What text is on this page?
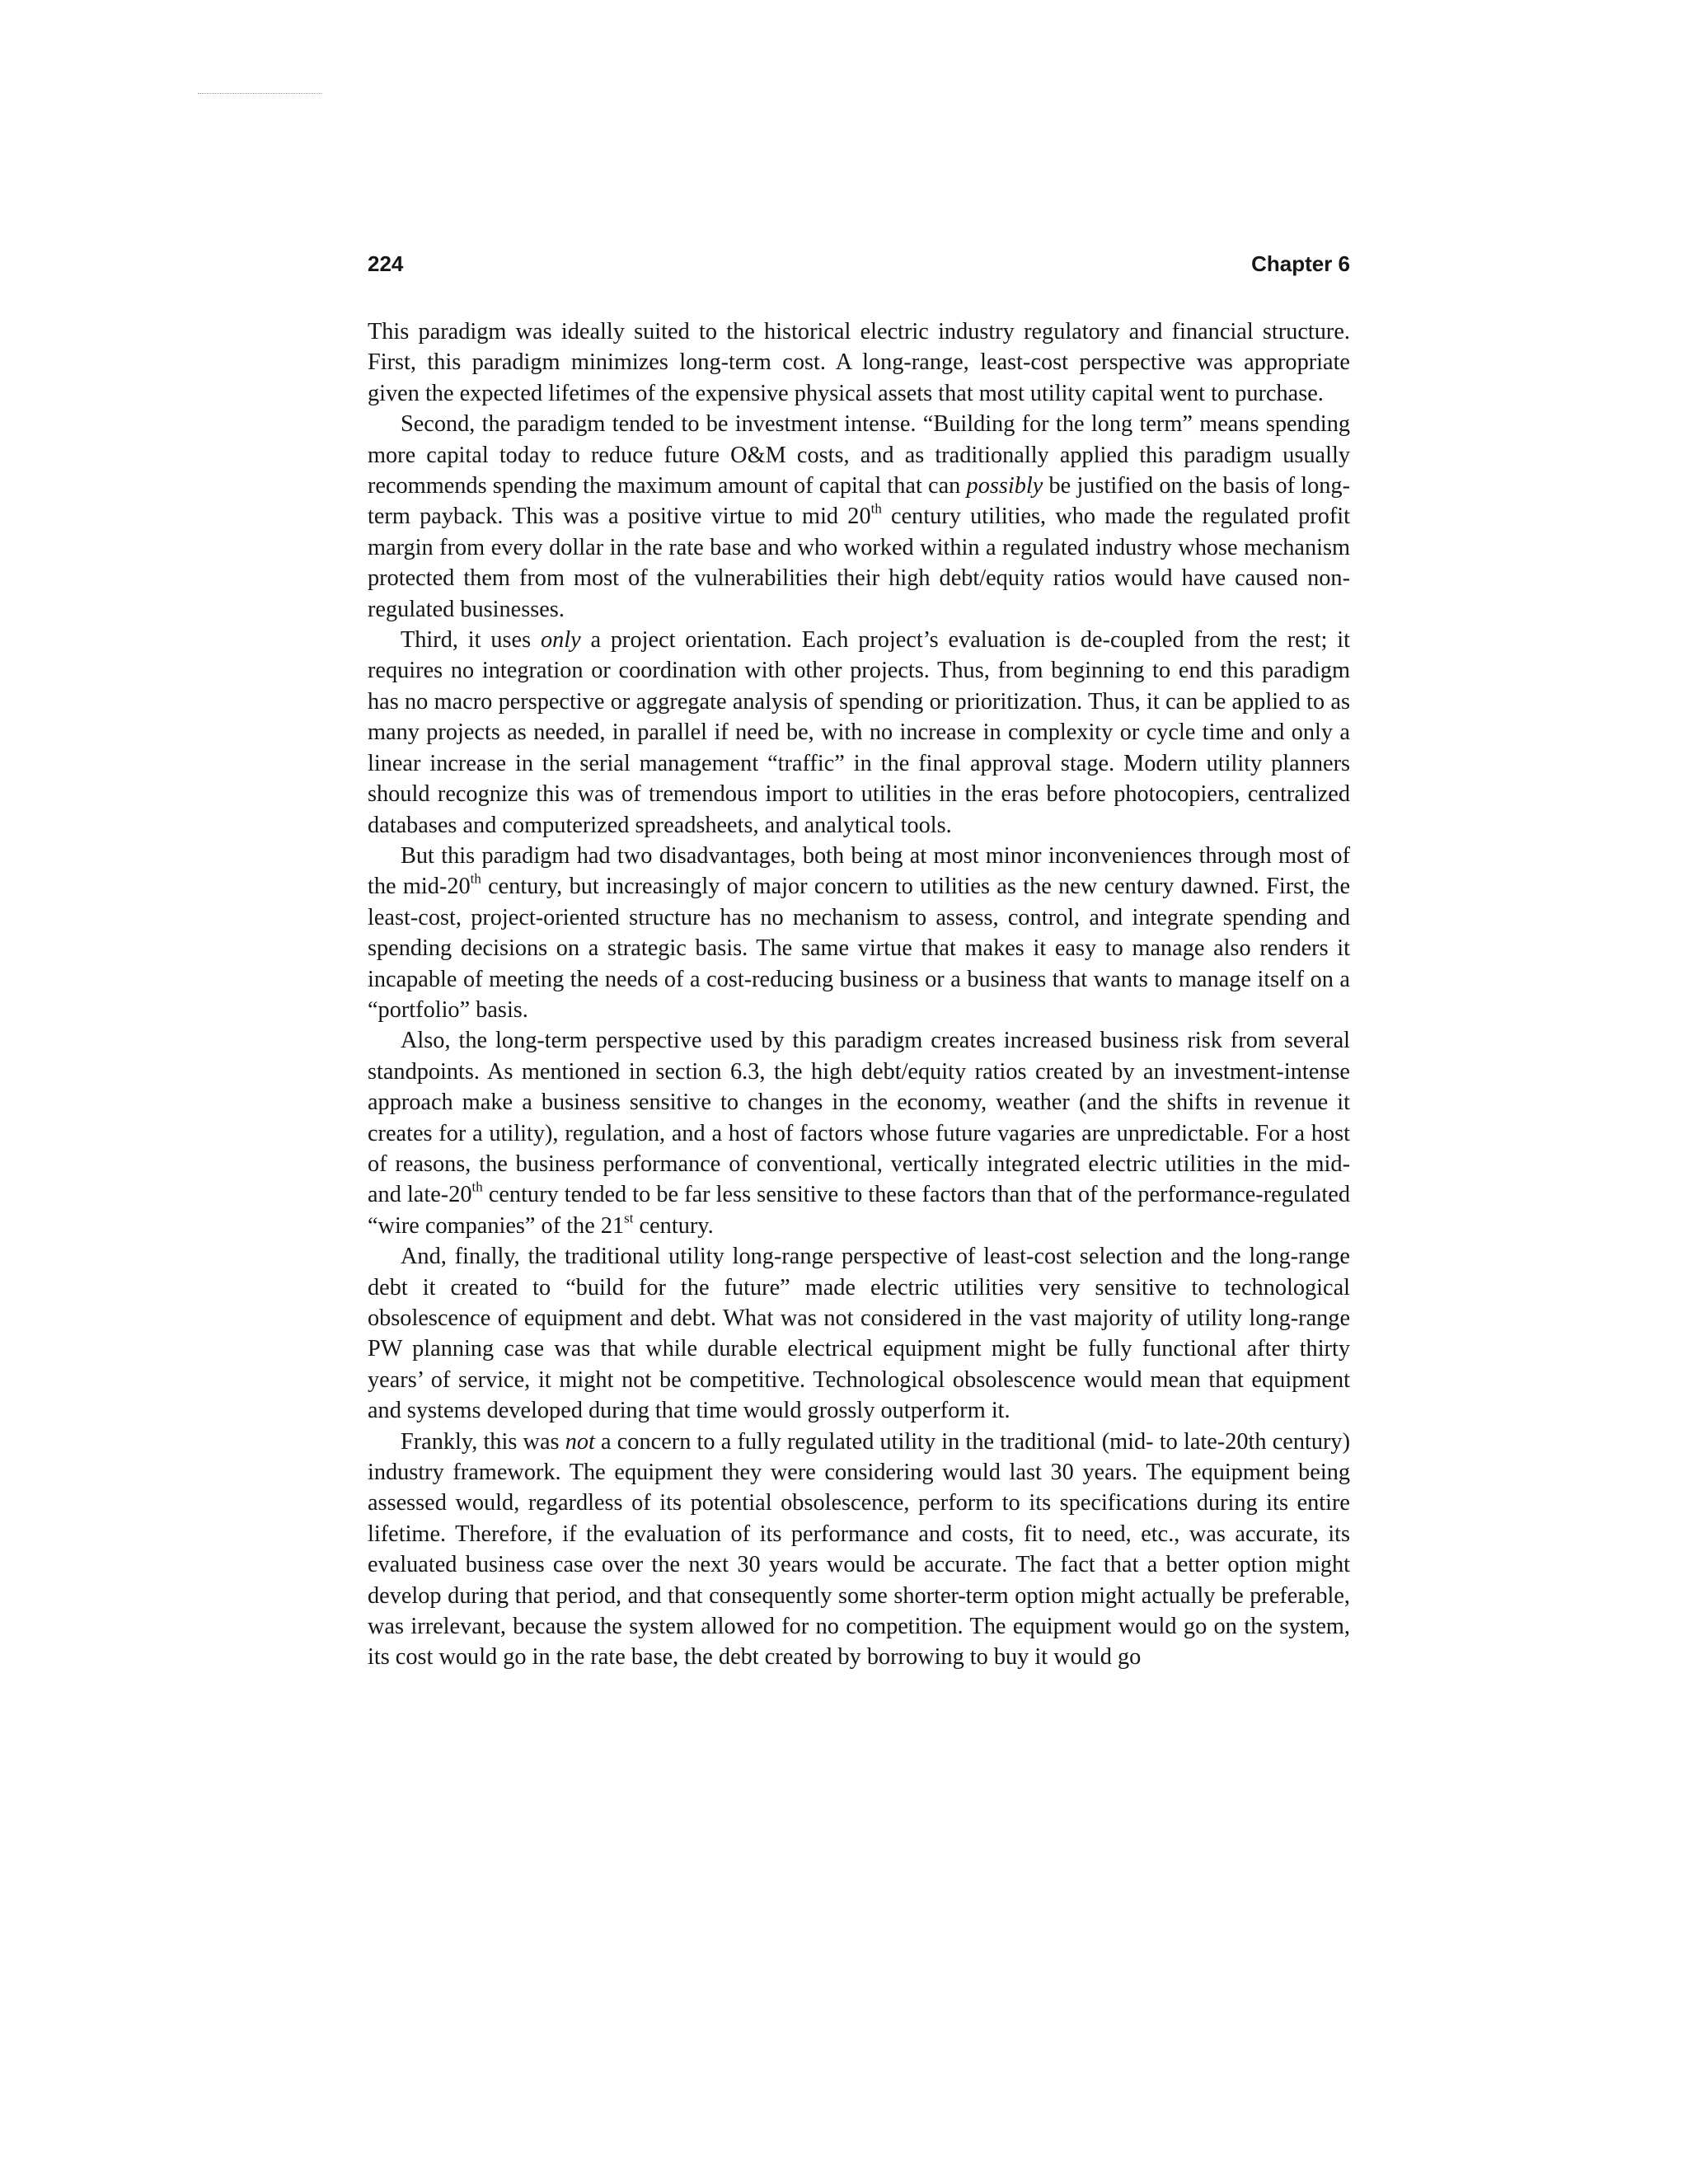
224	Chapter 6

This paradigm was ideally suited to the historical electric industry regulatory and financial structure. First, this paradigm minimizes long-term cost. A long-range, least-cost perspective was appropriate given the expected lifetimes of the expensive physical assets that most utility capital went to purchase.

Second, the paradigm tended to be investment intense. “Building for the long term” means spending more capital today to reduce future O&M costs, and as traditionally applied this paradigm usually recommends spending the maximum amount of capital that can possibly be justified on the basis of long-term payback. This was a positive virtue to mid 20th century utilities, who made the regulated profit margin from every dollar in the rate base and who worked within a regulated industry whose mechanism protected them from most of the vulnerabilities their high debt/equity ratios would have caused non-regulated businesses.

Third, it uses only a project orientation. Each project’s evaluation is de-coupled from the rest; it requires no integration or coordination with other projects. Thus, from beginning to end this paradigm has no macro perspective or aggregate analysis of spending or prioritization. Thus, it can be applied to as many projects as needed, in parallel if need be, with no increase in complexity or cycle time and only a linear increase in the serial management “traffic” in the final approval stage. Modern utility planners should recognize this was of tremendous import to utilities in the eras before photocopiers, centralized databases and computerized spreadsheets, and analytical tools.

But this paradigm had two disadvantages, both being at most minor inconveniences through most of the mid-20th century, but increasingly of major concern to utilities as the new century dawned. First, the least-cost, project-oriented structure has no mechanism to assess, control, and integrate spending and spending decisions on a strategic basis. The same virtue that makes it easy to manage also renders it incapable of meeting the needs of a cost-reducing business or a business that wants to manage itself on a “portfolio” basis.

Also, the long-term perspective used by this paradigm creates increased business risk from several standpoints. As mentioned in section 6.3, the high debt/equity ratios created by an investment-intense approach make a business sensitive to changes in the economy, weather (and the shifts in revenue it creates for a utility), regulation, and a host of factors whose future vagaries are unpredictable. For a host of reasons, the business performance of conventional, vertically integrated electric utilities in the mid- and late-20th century tended to be far less sensitive to these factors than that of the performance-regulated “wire companies” of the 21st century.

And, finally, the traditional utility long-range perspective of least-cost selection and the long-range debt it created to “build for the future” made electric utilities very sensitive to technological obsolescence of equipment and debt. What was not considered in the vast majority of utility long-range PW planning case was that while durable electrical equipment might be fully functional after thirty years’ of service, it might not be competitive. Technological obsolescence would mean that equipment and systems developed during that time would grossly outperform it.

Frankly, this was not a concern to a fully regulated utility in the traditional (mid- to late-20th century) industry framework. The equipment they were considering would last 30 years. The equipment being assessed would, regardless of its potential obsolescence, perform to its specifications during its entire lifetime. Therefore, if the evaluation of its performance and costs, fit to need, etc., was accurate, its evaluated business case over the next 30 years would be accurate. The fact that a better option might develop during that period, and that consequently some shorter-term option might actually be preferable, was irrelevant, because the system allowed for no competition. The equipment would go on the system, its cost would go in the rate base, the debt created by borrowing to buy it would go
